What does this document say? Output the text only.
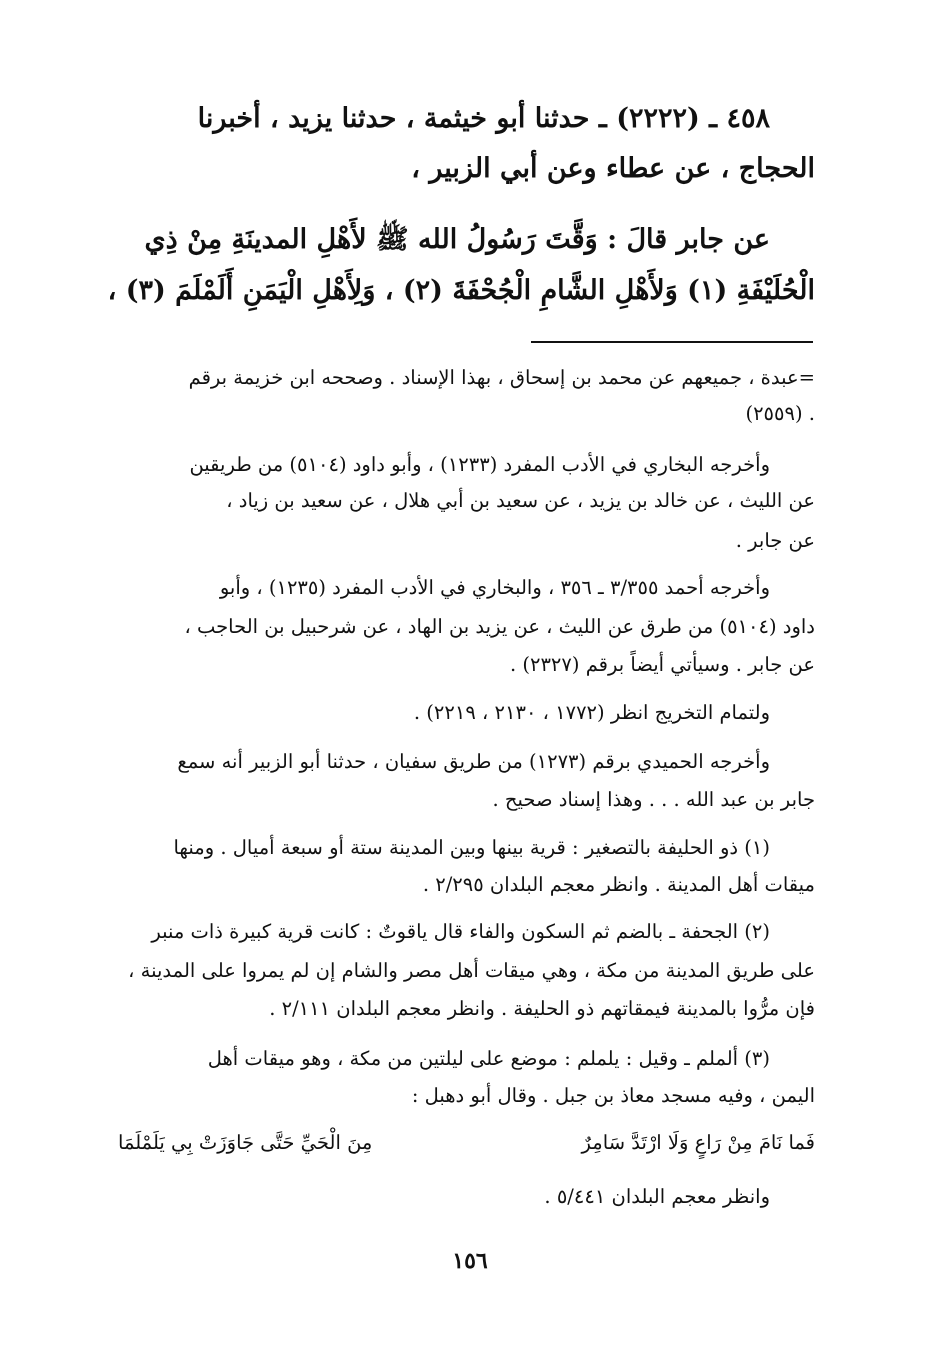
٤٥٨ ـ (٢٢٢٢) ـ حدثنا أبو خيثمة ، حدثنا يزيد ، أخبرنا
الحجاج ، عن عطاء وعن أبي الزبير ،
عن جابر قالَ : وَقَّتَ رَسُولُ الله ﷺ لأَهْلِ المدينَةِ مِنْ ذِي
الْحُلَيْفَةِ (١) وَلأَهْلِ الشَّامِ الْجُحْفَةَ (٢) ، وَلِأَهْلِ الْيَمَنِ أَلَمْلَمَ (٣) ،
=عبدة ، جميعهم عن محمد بن إسحاق ، بهذا الإسناد . وصححه ابن خزيمة برقم
(٢٥٥٩) .
وأخرجه البخاري في الأدب المفرد (١٢٣٣) ، وأبو داود (٥١٠٤) من طريقين
عن الليث ، عن خالد بن يزيد ، عن سعيد بن أبي هلال ، عن سعيد بن زياد ،
عن جابر .
وأخرجه أحمد ٣/٣٥٥ ـ ٣٥٦ ، والبخاري في الأدب المفرد (١٢٣٥) ، وأبو
داود (٥١٠٤) من طرق عن الليث ، عن يزيد بن الهاد ، عن شرحبيل بن الحاجب ،
عن جابر . وسيأتي أيضاً برقم (٢٣٢٧) .
ولتمام التخريج انظر (١٧٧٢ ، ٢١٣٠ ، ٢٢١٩) .
وأخرجه الحميدي برقم (١٢٧٣) من طريق سفيان ، حدثنا أبو الزبير أنه سمع
جابر بن عبد الله . . . وهذا إسناد صحيح .
(١) ذو الحليفة بالتصغير : قرية بينها وبين المدينة ستة أو سبعة أميال . ومنها
ميقات أهل المدينة . وانظر معجم البلدان ٢/٢٩٥ .
(٢) الجحفة ـ بالضم ثم السكون والفاء قال ياقوتٌ : كانت قرية كبيرة ذات منبر
على طريق المدينة من مكة ، وهي ميقات أهل مصر والشام إن لم يمروا على المدينة ،
فإن مرُّوا بالمدينة فيمقاتهم ذو الحليفة . وانظر معجم البلدان ٢/١١١ .
(٣) ألملم ـ وقيل : يلملم : موضع على ليلتين من مكة ، وهو ميقات أهل
اليمن ، وفيه مسجد معاذ بن جبل . وقال أبو دهبل :
فَما نَامَ مِنْ رَاعٍ وَلَا ارْتَدَّ سَامِرٌ
مِنَ الْحَيِّ حَتَّى جَاوَزَتْ بِي يَلَمْلَمَا
وانظر معجم البلدان ٥/٤٤١ .
١٥٦
